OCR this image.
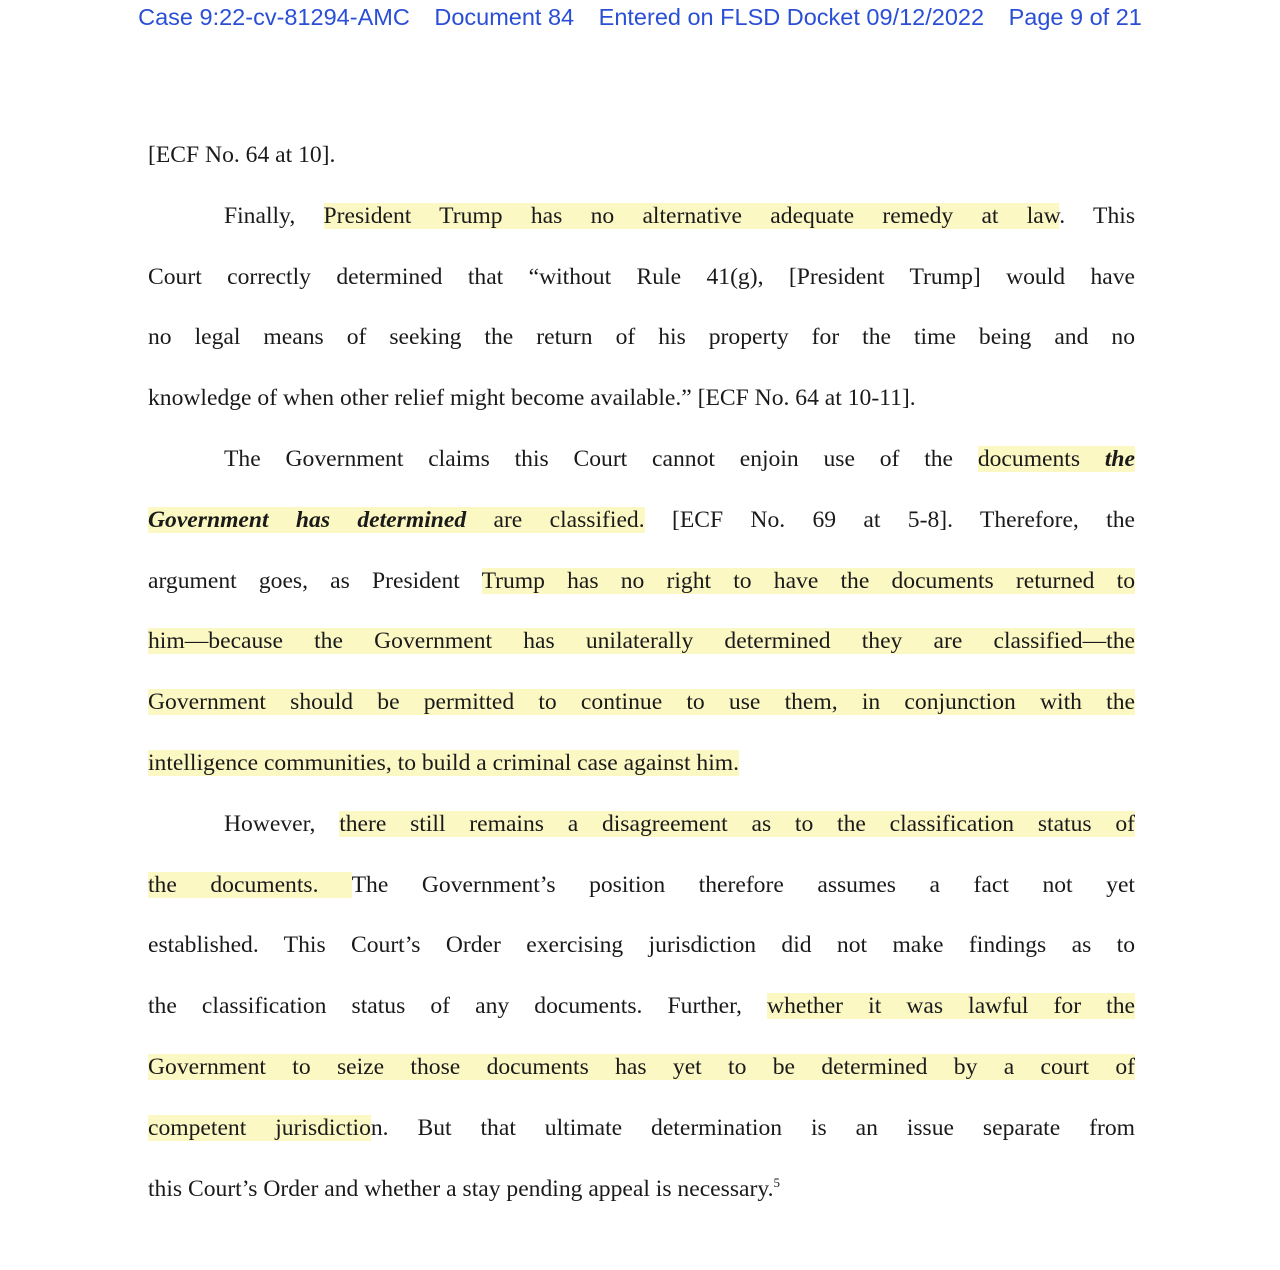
Case 9:22-cv-81294-AMC Document 84 Entered on FLSD Docket 09/12/2022 Page 9 of 21
[ECF No. 64 at 10].
Finally, President Trump has no alternative adequate remedy at law. This
Court correctly determined that “without Rule 41(g), [President Trump] would have
no legal means of seeking the return of his property for the time being and no
knowledge of when other relief might become available.” [ECF No. 64 at 10-11].
The Government claims this Court cannot enjoin use of the documents the
Government has determined are classified. [ECF No. 69 at 5-8]. Therefore, the
argument goes, as President Trump has no right to have the documents returned to
him—because the Government has unilaterally determined they are classified—the
Government should be permitted to continue to use them, in conjunction with the
intelligence communities, to build a criminal case against him.
However, there still remains a disagreement as to the classification status of
the documents. The Government’s position therefore assumes a fact not yet
established. This Court’s Order exercising jurisdiction did not make findings as to
the classification status of any documents. Further, whether it was lawful for the
Government to seize those documents has yet to be determined by a court of
competent jurisdiction. But that ultimate determination is an issue separate from
this Court’s Order and whether a stay pending appeal is necessary.$^5$
